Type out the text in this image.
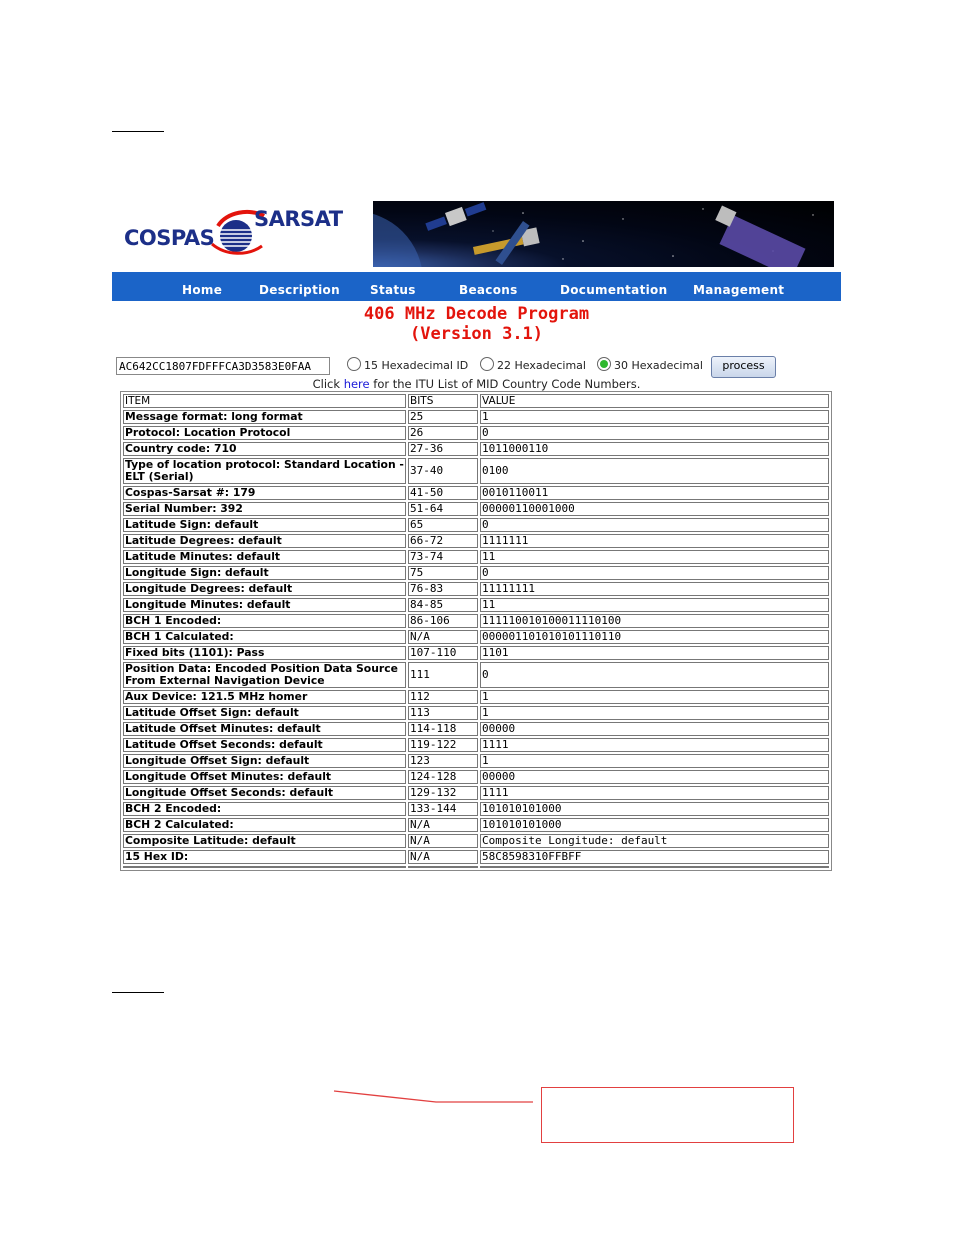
COSPAS
SARSAT
Home	Description	Status	Beacons	Documentation Management
406 MHz Decode Program
(Version 3.1)
AC642CC1807FDFFFCA3D3583E0FAA
15 Hexadecimal ID	22 Hexadecimal	30 Hexadecimal	process
Click here for the ITU List of MID Country Code Numbers.
ITEM	BITS	VALUE
Message format: long format	25	1
Protocol: Location Protocol	26	0
Country code: 710	27-36	1011000110
Type of location protocol: Standard Location - ELT (Serial)	37-40	0100
Cospas-Sarsat #: 179	41-50	0010110011
Serial Number: 392	51-64	00000110001000
Latitude Sign: default	65	0
Latitude Degrees: default	66-72	1111111
Latitude Minutes: default	73-74	11
Longitude Sign: default	75	0
Longitude Degrees: default	76-83	11111111
Longitude Minutes: default	84-85	11
BCH 1 Encoded:	86-106	111110010100011110100
BCH 1 Calculated:	N/A	000001101010101110110
Fixed bits (1101): Pass	107-110	1101
Position Data: Encoded Position Data Source From External Navigation Device	111	0
Aux Device: 121.5 MHz homer	112	1
Latitude Offset Sign: default	113	1
Latitude Offset Minutes: default	114-118	00000
Latitude Offset Seconds: default	119-122	1111
Longitude Offset Sign: default	123	1
Longitude Offset Minutes: default	124-128	00000
Longitude Offset Seconds: default	129-132	1111
BCH 2 Encoded:	133-144	101010101000
BCH 2 Calculated:	N/A	101010101000
Composite Latitude: default	N/A	Composite Longitude: default
15 Hex ID:	N/A	58C8598310FFBFF
